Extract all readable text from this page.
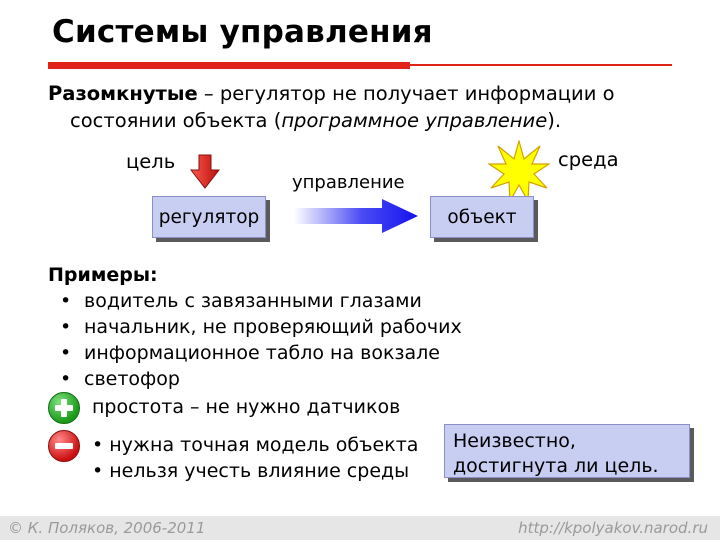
Системы управления
Разомкнутые – регулятор не получает информации о
состоянии объекта (программное управление).
цель	среда
управление
регулятор	объект
Примеры:
• водитель с завязанными глазами
• начальник, не проверяющий рабочих
• информационное табло на вокзале
• светофор
простота – не нужно датчиков
• нужна точная модель объекта
• нельзя учесть влияние среды
Неизвестно,
достигнута ли цель.
© К. Поляков, 2006-2011	http://kpolyakov.narod.ru
